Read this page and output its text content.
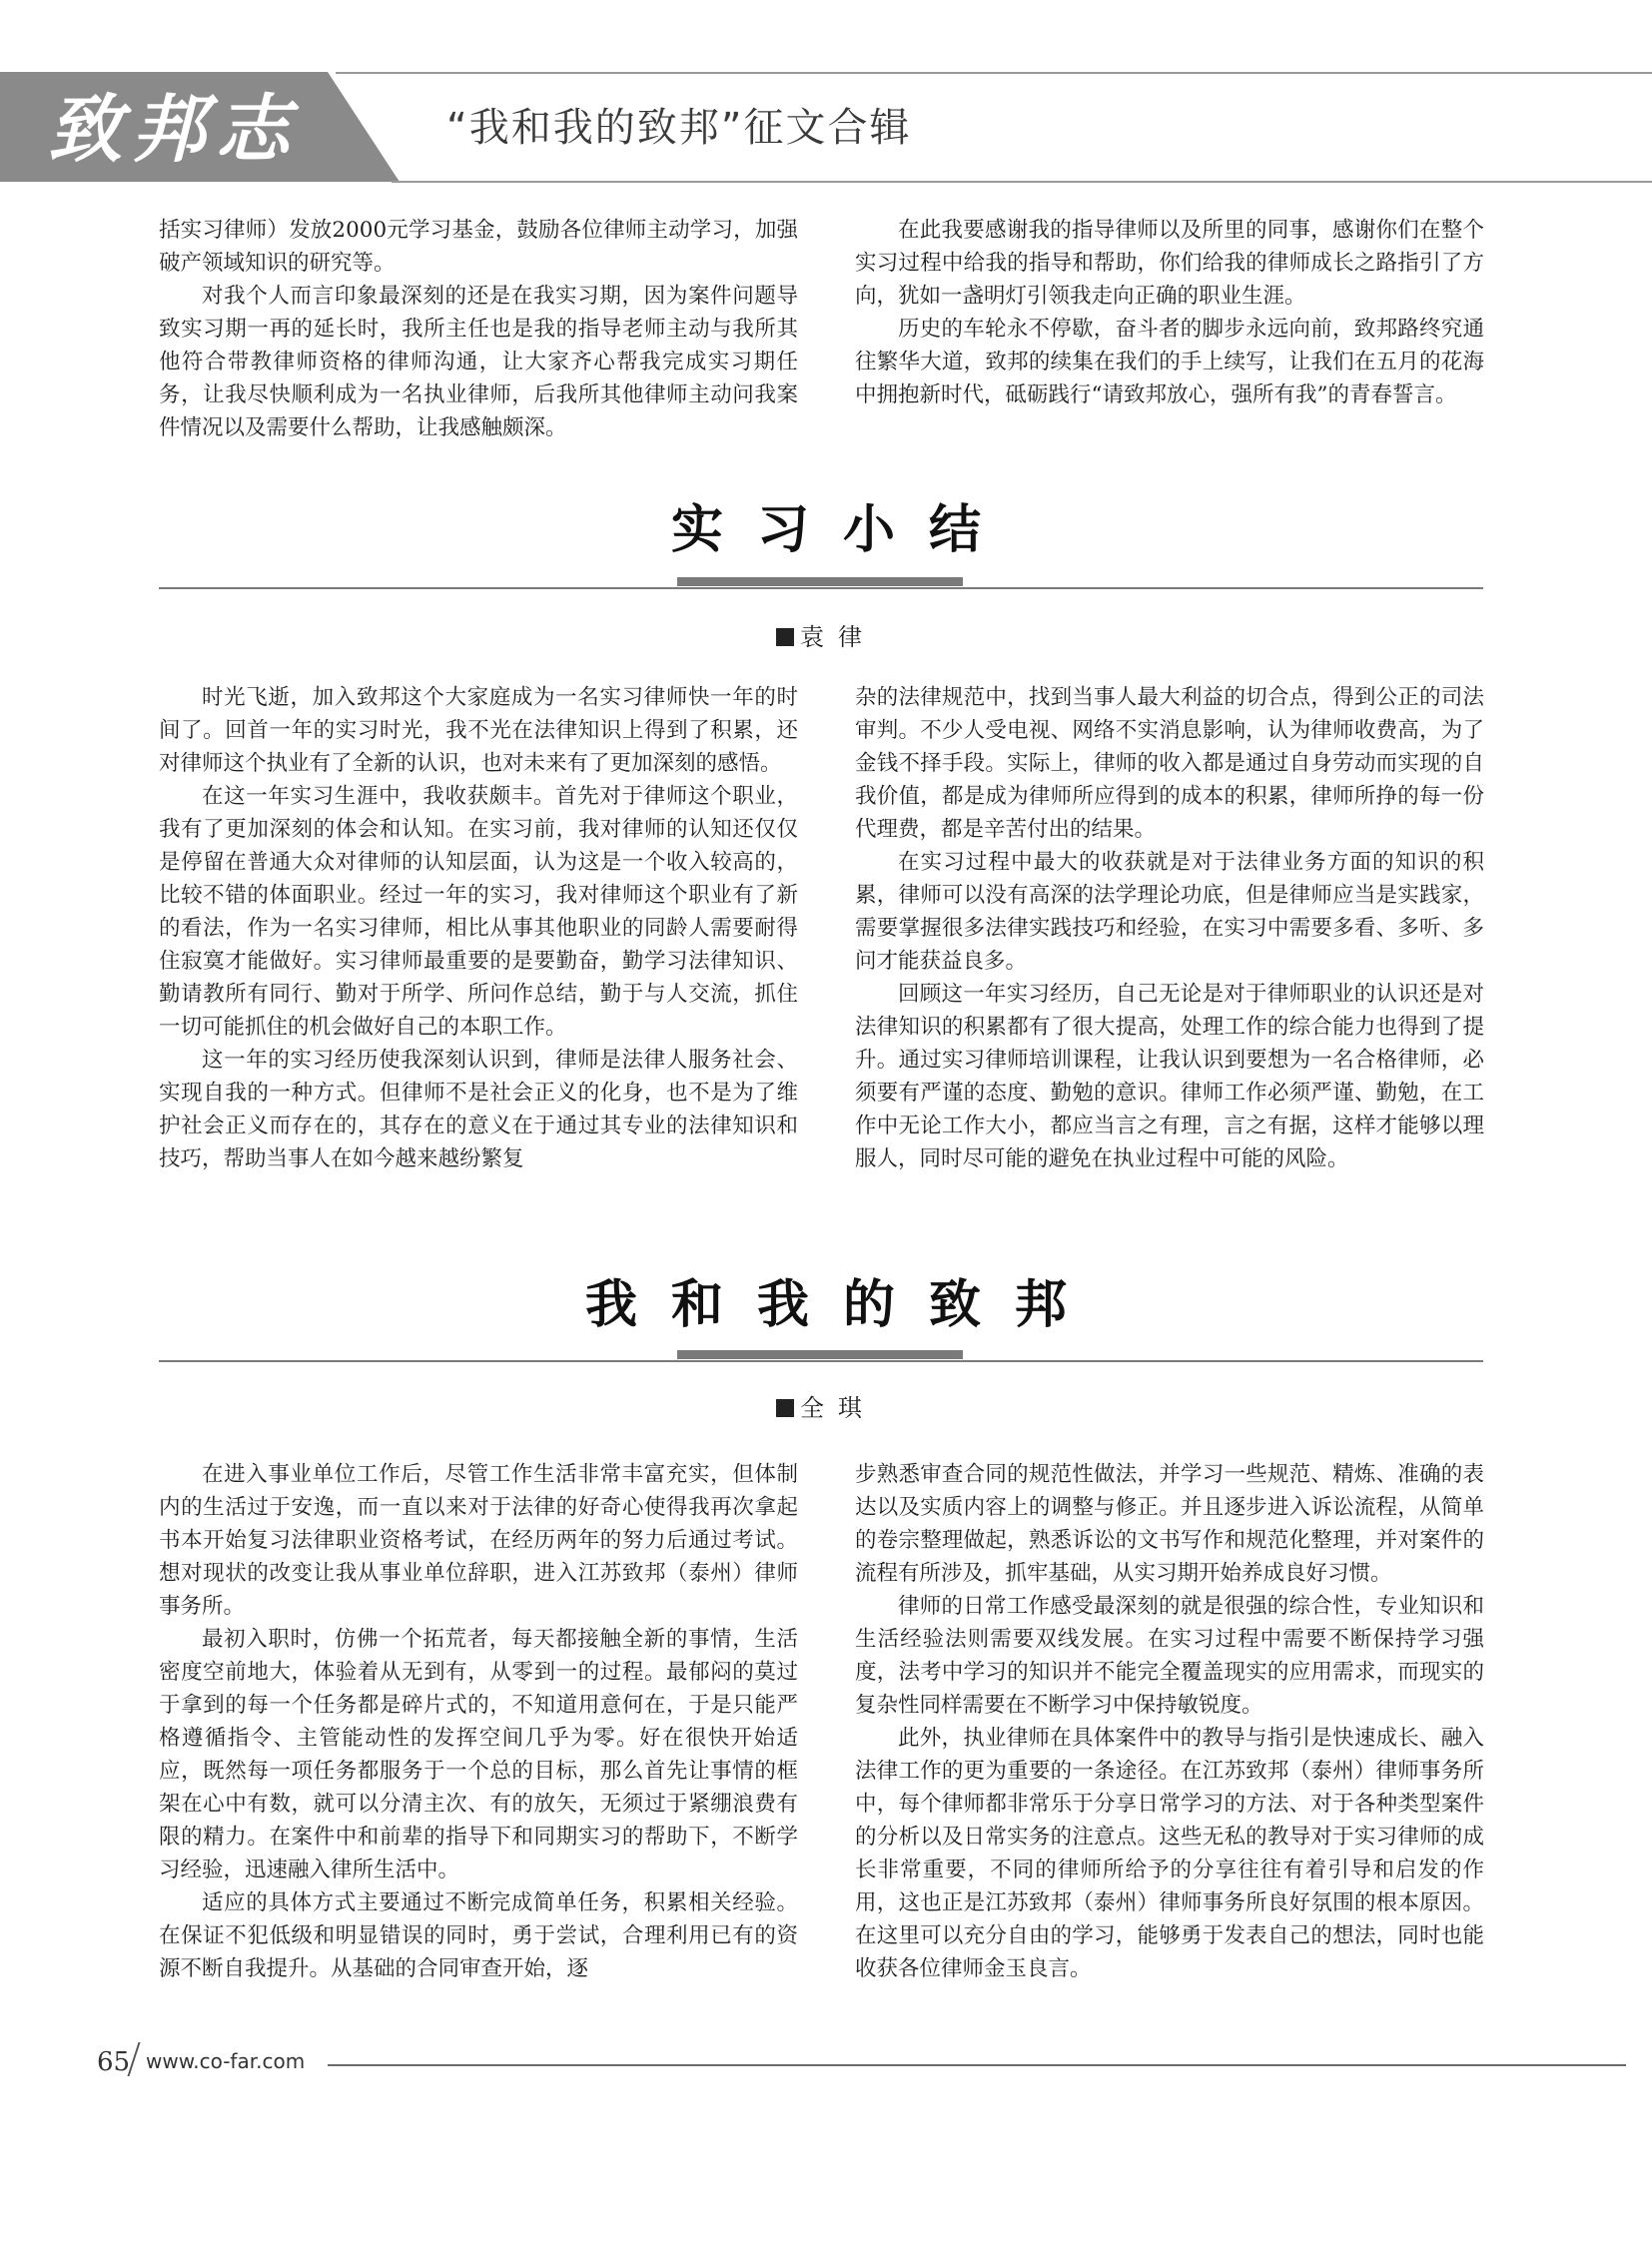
致邦志	“我和我的致邦”征文合辑

括实习律师）发放2000元学习基金，鼓励各位律师主动学习，加强破产领域知识的研究等。

对我个人而言印象最深刻的还是在我实习期，因为案件问题导致实习期一再的延长时，我所主任也是我的指导老师主动与我所其他符合带教律师资格的律师沟通，让大家齐心帮我完成实习期任务，让我尽快顺利成为一名执业律师，后我所其他律师主动问我案件情况以及需要什么帮助，让我感触颇深。

在此我要感谢我的指导律师以及所里的同事，感谢你们在整个实习过程中给我的指导和帮助，你们给我的律师成长之路指引了方向，犹如一盏明灯引领我走向正确的职业生涯。

历史的车轮永不停歇，奋斗者的脚步永远向前，致邦路终究通往繁华大道，致邦的续集在我们的手上续写，让我们在五月的花海中拥抱新时代，砥砺践行“请致邦放心，强所有我”的青春誓言。

实习小结
袁律

时光飞逝，加入致邦这个大家庭成为一名实习律师快一年的时间了。回首一年的实习时光，我不光在法律知识上得到了积累，还对律师这个执业有了全新的认识，也对未来有了更加深刻的感悟。

在这一年实习生涯中，我收获颇丰。首先对于律师这个职业，我有了更加深刻的体会和认知。在实习前，我对律师的认知还仅仅是停留在普通大众对律师的认知层面，认为这是一个收入较高的，比较不错的体面职业。经过一年的实习，我对律师这个职业有了新的看法，作为一名实习律师，相比从事其他职业的同龄人需要耐得住寂寞才能做好。实习律师最重要的是要勤奋，勤学习法律知识、勤请教所有同行、勤对于所学、所问作总结，勤于与人交流，抓住一切可能抓住的机会做好自己的本职工作。

这一年的实习经历使我深刻认识到，律师是法律人服务社会、实现自我的一种方式。但律师不是社会正义的化身，也不是为了维护社会正义而存在的，其存在的意义在于通过其专业的法律知识和技巧，帮助当事人在如今越来越纷繁复

杂的法律规范中，找到当事人最大利益的切合点，得到公正的司法审判。不少人受电视、网络不实消息影响，认为律师收费高，为了金钱不择手段。实际上，律师的收入都是通过自身劳动而实现的自我价值，都是成为律师所应得到的成本的积累，律师所挣的每一份代理费，都是辛苦付出的结果。

在实习过程中最大的收获就是对于法律业务方面的知识的积累，律师可以没有高深的法学理论功底，但是律师应当是实践家，需要掌握很多法律实践技巧和经验，在实习中需要多看、多听、多问才能获益良多。

回顾这一年实习经历，自己无论是对于律师职业的认识还是对法律知识的积累都有了很大提高，处理工作的综合能力也得到了提升。通过实习律师培训课程，让我认识到要想为一名合格律师，必须要有严谨的态度、勤勉的意识。律师工作必须严谨、勤勉，在工作中无论工作大小，都应当言之有理，言之有据，这样才能够以理服人，同时尽可能的避免在执业过程中可能的风险。

我和我的致邦
全琪

在进入事业单位工作后，尽管工作生活非常丰富充实，但体制内的生活过于安逸，而一直以来对于法律的好奇心使得我再次拿起书本开始复习法律职业资格考试，在经历两年的努力后通过考试。想对现状的改变让我从事业单位辞职，进入江苏致邦（泰州）律师事务所。

最初入职时，仿佛一个拓荒者，每天都接触全新的事情，生活密度空前地大，体验着从无到有，从零到一的过程。最郁闷的莫过于拿到的每一个任务都是碎片式的，不知道用意何在，于是只能严格遵循指令、主管能动性的发挥空间几乎为零。好在很快开始适应，既然每一项任务都服务于一个总的目标，那么首先让事情的框架在心中有数，就可以分清主次、有的放矢，无须过于紧绷浪费有限的精力。在案件中和前辈的指导下和同期实习的帮助下，不断学习经验，迅速融入律所生活中。

适应的具体方式主要通过不断完成简单任务，积累相关经验。在保证不犯低级和明显错误的同时，勇于尝试，合理利用已有的资源不断自我提升。从基础的合同审查开始，逐

步熟悉审查合同的规范性做法，并学习一些规范、精炼、准确的表达以及实质内容上的调整与修正。并且逐步进入诉讼流程，从简单的卷宗整理做起，熟悉诉讼的文书写作和规范化整理，并对案件的流程有所涉及，抓牢基础，从实习期开始养成良好习惯。

律师的日常工作感受最深刻的就是很强的综合性，专业知识和生活经验法则需要双线发展。在实习过程中需要不断保持学习强度，法考中学习的知识并不能完全覆盖现实的应用需求，而现实的复杂性同样需要在不断学习中保持敏锐度。

此外，执业律师在具体案件中的教导与指引是快速成长、融入法律工作的更为重要的一条途径。在江苏致邦（泰州）律师事务所中，每个律师都非常乐于分享日常学习的方法、对于各种类型案件的分析以及日常实务的注意点。这些无私的教导对于实习律师的成长非常重要，不同的律师所给予的分享往往有着引导和启发的作用，这也正是江苏致邦（泰州）律师事务所良好氛围的根本原因。在这里可以充分自由的学习，能够勇于发表自己的想法，同时也能收获各位律师金玉良言。

65 www.co-far.com
